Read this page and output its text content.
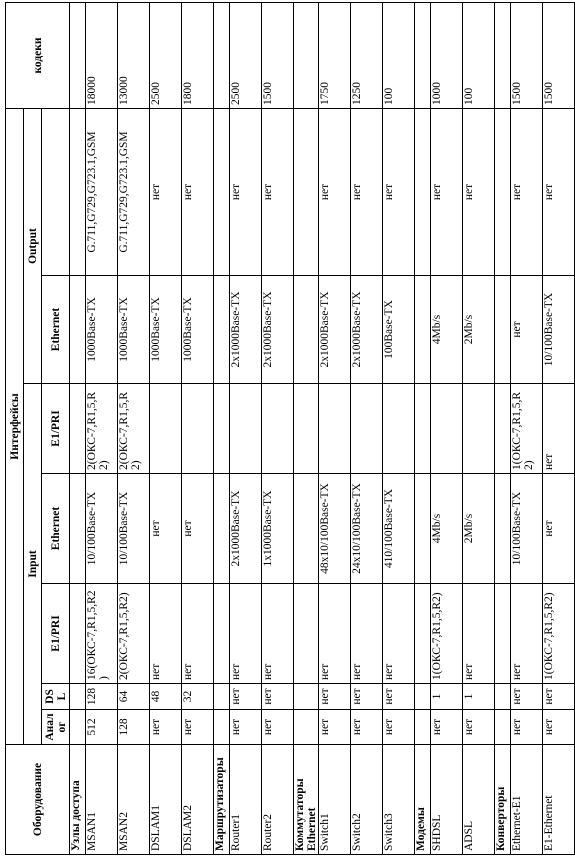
Оборудование	Интерфейсы							кодеки	
	Input					Output			
	Аналог	DSL	E1/PRI	Ethernet	E1/PRI	Ethernet			
Узлы доступа									
MSAN1	512	128	16(ОКС-7,R1,5,R2)	10/100Base-TX	2(ОКС-7,R1,5,R2)	1000Base-TX	G.711,G729,G723.1,GSM	18000	
MSAN2	128	64	2(ОКС-7,R1,5,R2)	10/100Base-TX	2(ОКС-7,R1,5,R2)	1000Base-TX	G.711,G729,G723.1,GSM	13000	
DSLAM1	нет	48	нет	нет		1000Base-TX	нет	2500	
DSLAM2	нет	32	нет	нет		1000Base-TX	нет	1800	
Маршрутизаторы									
Router1	нет	нет	нет	2x1000Base-TX		2x1000Base-TX	нет	2500	
Router2	нет	нет	нет	1x1000Base-TX		2x1000Base-TX	нет	1500	
Коммутаторы Ethernet									
Switch1	нет	нет	нет	48x10/100Base-TX		2x1000Base-TX	нет	1750	
Switch2	нет	нет	нет	24x10/100Base-TX		2x1000Base-TX	нет	1250	
Switch3	нет	нет	нет	410/100Base-TX		100Base-TX	нет	100	
Модемы									
SHDSL	нет	1	1(ОКС-7,R1,5,R2)	4Mb/s		4Mb/s	нет	1000	
ADSL	нет	1	нет	2Mb/s		2Mb/s	нет	100	
Конверторы									
Ethernet-E1	нет	нет	нет	10/100Base-TX	1(ОКС-7,R1,5,R2)	нет	нет	1500	
E1-Ethernet	нет	нет	1(ОКС-7,R1,5,R2)	нет	нет	10/100Base-TX	нет	1500	
